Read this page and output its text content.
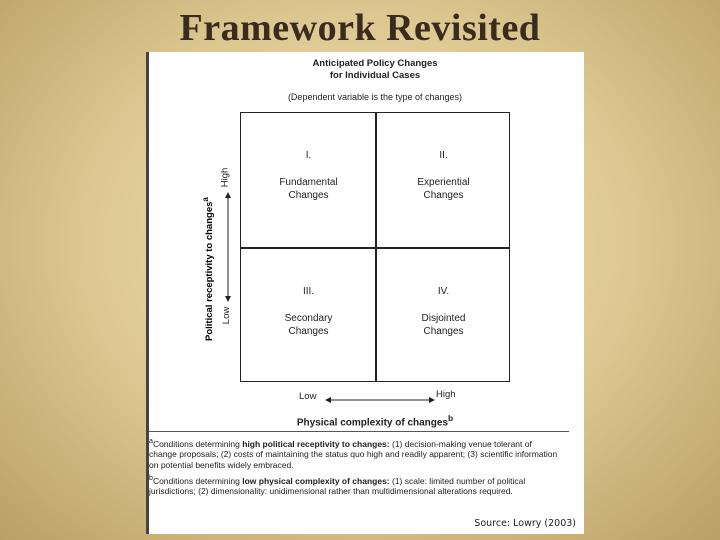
Framework Revisited
Anticipated Policy Changes
for Individual Cases
(Dependent variable is the type of changes)
Political receptivity to changes$^a$
High
Low
I.
Fundamental
Changes
II.
Experiential
Changes
III.
Secondary
Changes
IV.
Disjointed
Changes
Low	High
Physical complexity of changes$^b$
$^a$Conditions determining high political receptivity to changes: (1) decision-making venue tolerant of change proposals; (2) costs of maintaining the status quo high and readily apparent; (3) scientific information on potential benefits widely embraced.
$^b$Conditions determining low physical complexity of changes: (1) scale: limited number of political jurisdictions; (2) dimensionality: unidimensional rather than multidimensional alterations required.
Source: Lowry (2003)
